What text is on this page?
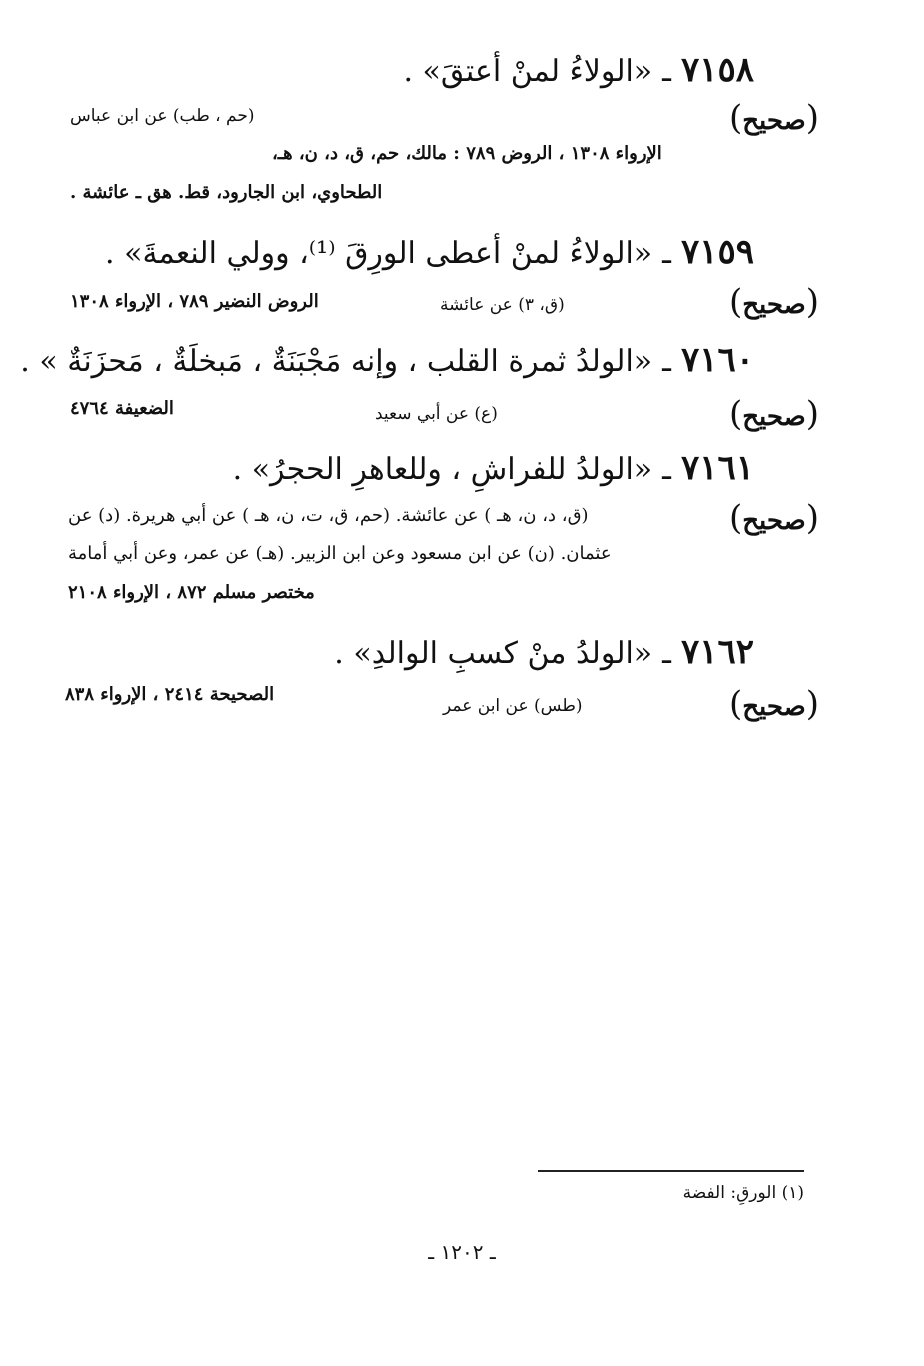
٧١٥٨ـ«الولاءُ لمنْ أعتقَ» .
(صحيح)
(حم ، طب) عن ابن عباس
الإرواء ١٣٠٨ ، الروض ٧٨٩ : مالك، حم، ق، د، ن، هـ،
الطحاوي، ابن الجارود، قط. هق ـ عائشة .
٧١٥٩ـ«الولاءُ لمنْ أعطى الورِقَ ⁽¹⁾، وولي النعمةَ» .
(صحيح)
(ق، ٣) عن عائشة
الروض النضير ٧٨٩ ، الإرواء ١٣٠٨
٧١٦٠ـ«الولدُ ثمرة القلب ، وإنه مَجْبَنَةٌ ، مَبخلَةٌ ، مَحزَنَةٌ » .
(صحيح)
(ع) عن أبي سعيد
الضعيفة ٤٧٦٤
٧١٦١ـ«الولدُ للفراشِ ، وللعاهرِ الحجرُ» .
(صحيح)
(ق، د، ن، هـ ) عن عائشة. (حم، ق، ت، ن، هـ ) عن أبي هريرة. (د) عن
عثمان. (ن) عن ابن مسعود وعن ابن الزبير. (هـ) عن عمر، وعن أبي أمامة
مختصر مسلم ٨٧٢ ، الإرواء ٢١٠٨
٧١٦٢ـ«الولدُ منْ كسبِ الوالدِ» .
(صحيح)
(طس) عن ابن عمر
الصحيحة ٢٤١٤ ، الإرواء ٨٣٨
(١) الورقِ: الفضة
ـ ١٢٠٢ ـ
